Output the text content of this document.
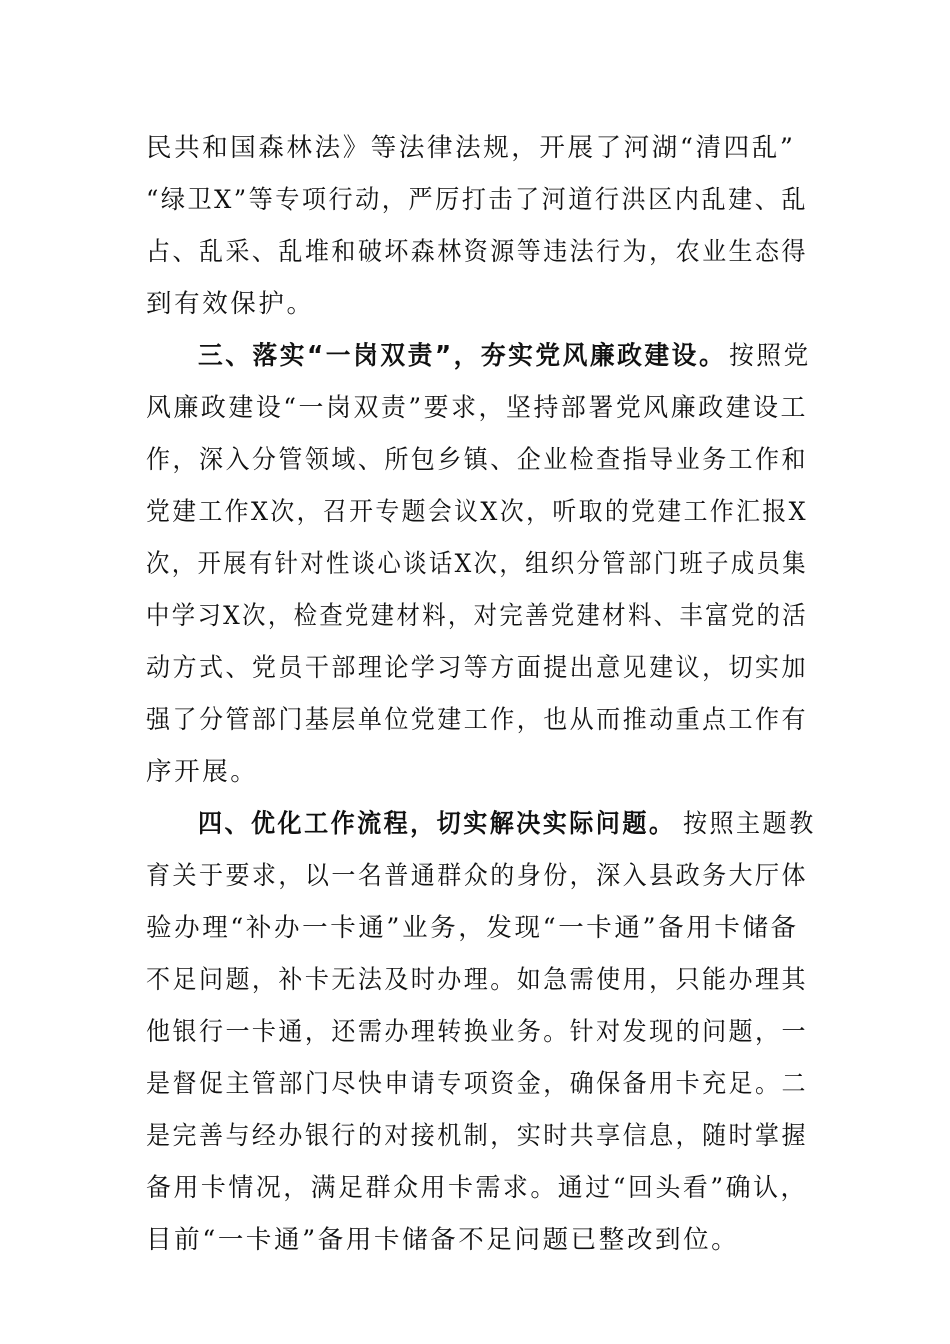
民共和国森林法》等法律法规，开展了河湖“清四乱”
“绿卫X”等专项行动，严厉打击了河道行洪区内乱建、乱
占、乱采、乱堆和破坏森林资源等违法行为，农业生态得
到有效保护。
三、落实“一岗双责”，夯实党风廉政建设。 按照党
风廉政建设“一岗双责”要求，坚持部署党风廉政建设工
作，深入分管领域、所包乡镇、企业检查指导业务工作和
党建工作X次，召开专题会议X次，听取的党建工作汇报X
次，开展有针对性谈心谈话X次，组织分管部门班子成员集
中学习X次，检查党建材料，对完善党建材料、丰富党的活
动方式、党员干部理论学习等方面提出意见建议，切实加
强了分管部门基层单位党建工作，也从而推动重点工作有
序开展。
四、优化工作流程，切实解决实际问题。 按照主题教
育关于要求，以一名普通群众的身份，深入县政务大厅体
验办理“补办一卡通”业务，发现“一卡通”备用卡储备
不足问题，补卡无法及时办理。如急需使用，只能办理其
他银行一卡通，还需办理转换业务。针对发现的问题，一
是督促主管部门尽快申请专项资金，确保备用卡充足。二
是完善与经办银行的对接机制，实时共享信息，随时掌握
备用卡情况，满足群众用卡需求。通过“回头看”确认，
目前“一卡通”备用卡储备不足问题已整改到位。
